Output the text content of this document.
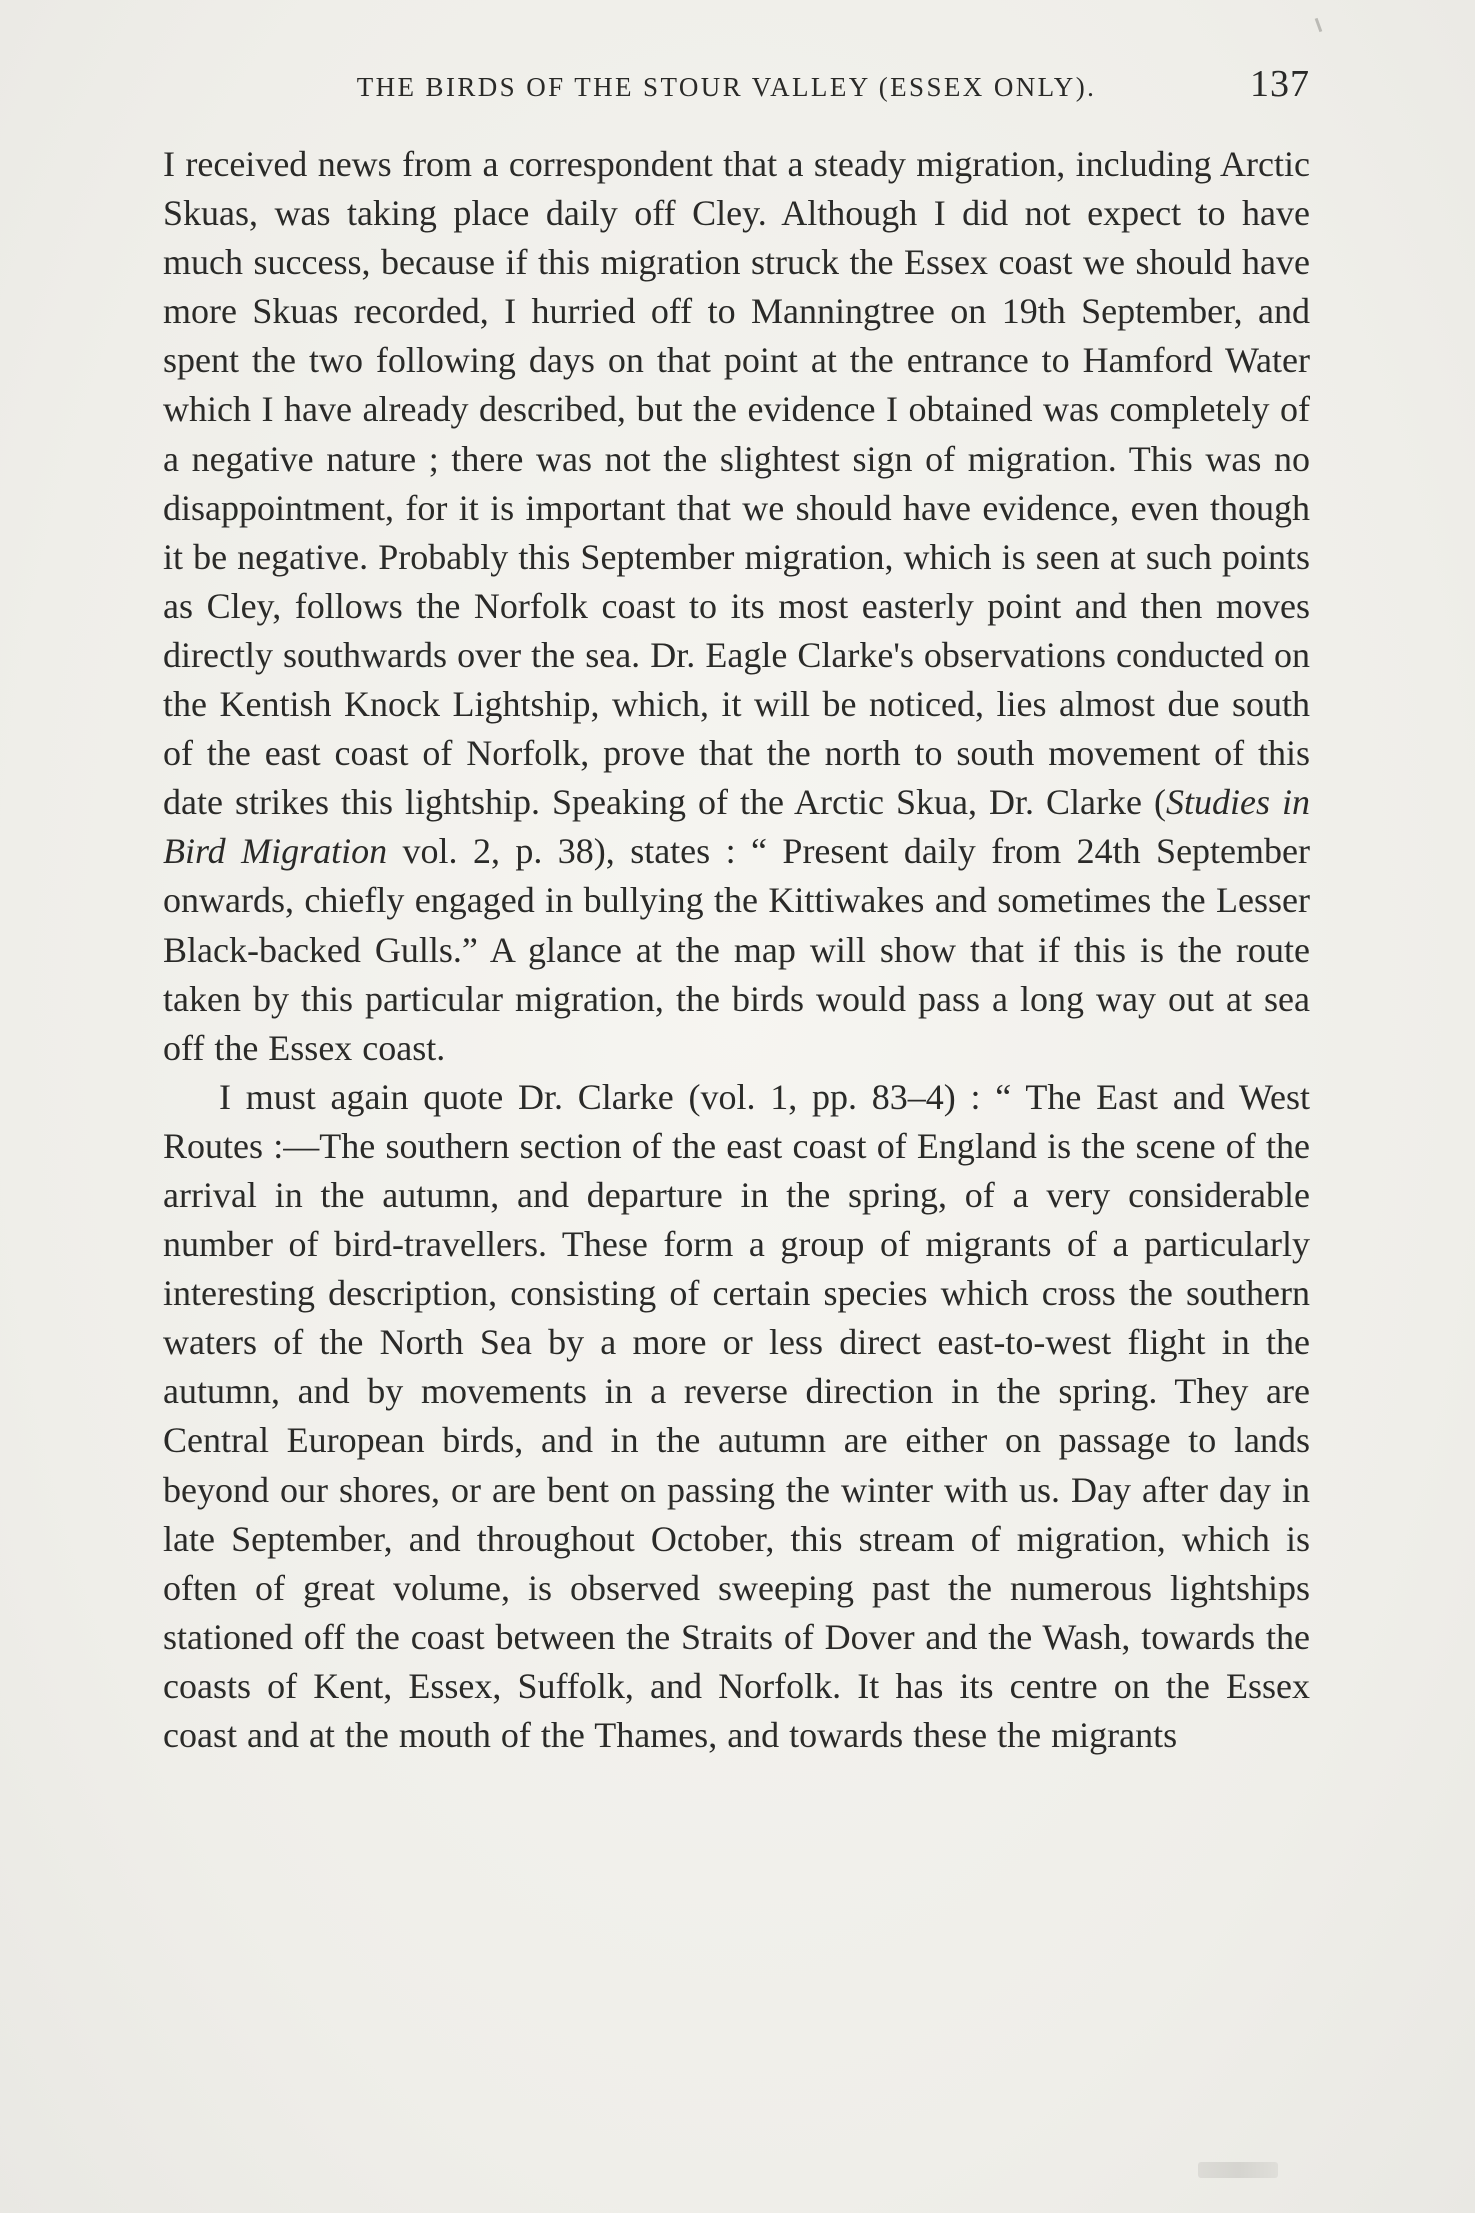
THE BIRDS OF THE STOUR VALLEY (ESSEX ONLY).	137

I received news from a correspondent that a steady migration, including Arctic Skuas, was taking place daily off Cley. Although I did not expect to have much success, because if this migration struck the Essex coast we should have more Skuas recorded, I hurried off to Manningtree on 19th September, and spent the two following days on that point at the entrance to Hamford Water which I have already described, but the evidence I obtained was completely of a negative nature ; there was not the slightest sign of migration. This was no disappointment, for it is important that we should have evidence, even though it be negative. Probably this September migration, which is seen at such points as Cley, follows the Norfolk coast to its most easterly point and then moves directly southwards over the sea. Dr. Eagle Clarke's observations conducted on the Kentish Knock Lightship, which, it will be noticed, lies almost due south of the east coast of Norfolk, prove that the north to south movement of this date strikes this lightship. Speaking of the Arctic Skua, Dr. Clarke (Studies in Bird Migration vol. 2, p. 38), states : “ Present daily from 24th September onwards, chiefly engaged in bullying the Kittiwakes and sometimes the Lesser Black-backed Gulls.” A glance at the map will show that if this is the route taken by this particular migration, the birds would pass a long way out at sea off the Essex coast.

I must again quote Dr. Clarke (vol. 1, pp. 83–4) : “ The East and West Routes :—The southern section of the east coast of England is the scene of the arrival in the autumn, and departure in the spring, of a very considerable number of bird-travellers. These form a group of migrants of a particularly interesting description, consisting of certain species which cross the southern waters of the North Sea by a more or less direct east-to-west flight in the autumn, and by movements in a reverse direction in the spring. They are Central European birds, and in the autumn are either on passage to lands beyond our shores, or are bent on passing the winter with us. Day after day in late September, and throughout October, this stream of migration, which is often of great volume, is observed sweeping past the numerous lightships stationed off the coast between the Straits of Dover and the Wash, towards the coasts of Kent, Essex, Suffolk, and Norfolk. It has its centre on the Essex coast and at the mouth of the Thames, and towards these the migrants
